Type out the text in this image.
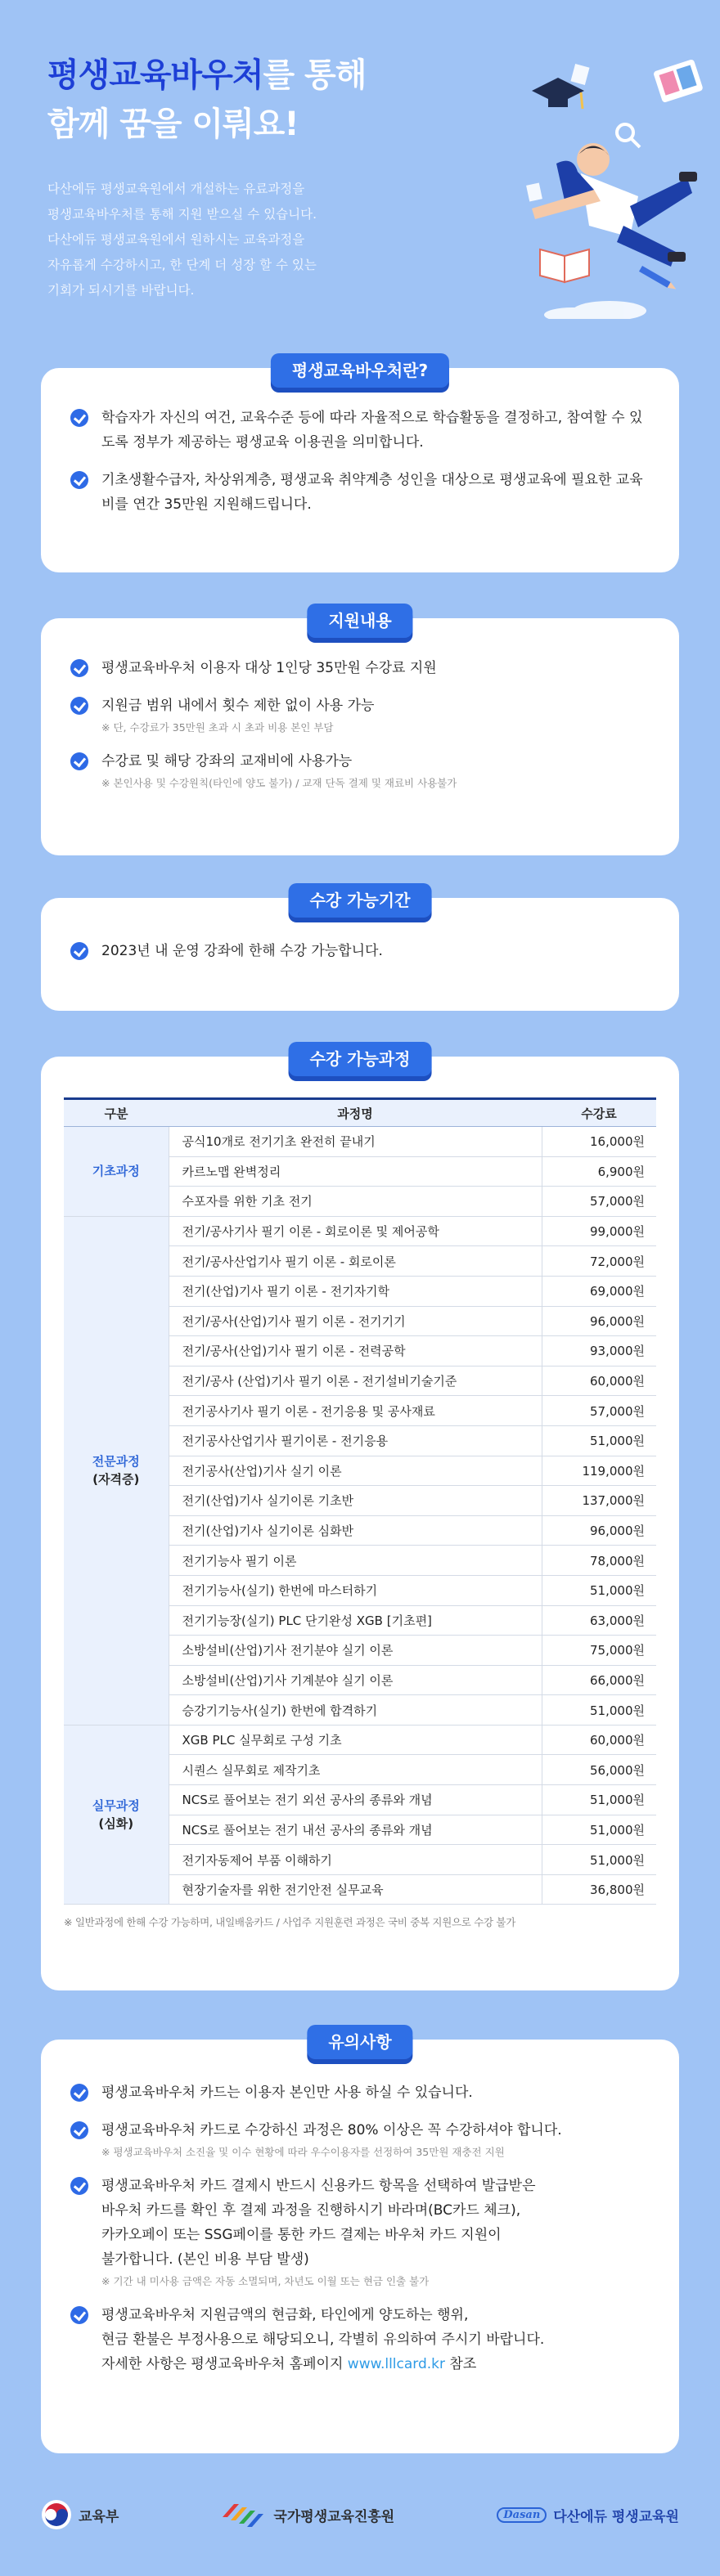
평생교육바우처를 통해
함께 꿈을 이뤄요!
다산에듀 평생교육원에서 개설하는 유료과정을
평생교육바우처를 통해 지원 받으실 수 있습니다.
다산에듀 평생교육원에서 원하시는 교육과정을
자유롭게 수강하시고, 한 단계 더 성장 할 수 있는
기회가 되시기를 바랍니다.
평생교육바우처란?
학습자가 자신의 여건, 교육수준 등에 따라 자율적으로 학습활동을 결정하고, 참여할 수 있도록 정부가 제공하는 평생교육 이용권을 의미합니다.
기초생활수급자, 차상위계층, 평생교육 취약계층 성인을 대상으로 평생교육에 필요한 교육비를 연간 35만원 지원해드립니다.
지원내용
평생교육바우처 이용자 대상 1인당 35만원 수강료 지원
지원금 범위 내에서 횟수 제한 없이 사용 가능
※ 단, 수강료가 35만원 초과 시 초과 비용 본인 부담
수강료 및 해당 강좌의 교재비에 사용가능
※ 본인사용 및 수강원칙(타인에 양도 불가) / 교재 단독 결제 및 재료비 사용불가
수강 가능기간
2023년 내 운영 강좌에 한해 수강 가능합니다.
수강 가능과정
구분	과정명	수강료

기초과정	공식10개로 전기기초 완전히 끝내기	16,000원
	카르노맵 완벽정리	6,900원
	수포자를 위한 기초 전기	57,000원

전문과정
(자격증)	전기/공사기사 필기 이론 - 회로이론 및 제어공학	99,000원
	전기/공사산업기사 필기 이론 - 회로이론	72,000원
	전기(산업)기사 필기 이론 - 전기자기학	69,000원
	전기/공사(산업)기사 필기 이론 - 전기기기	96,000원
	전기/공사(산업)기사 필기 이론 - 전력공학	93,000원
	전기/공사 (산업)기사 필기 이론 - 전기설비기술기준	60,000원
	전기공사기사 필기 이론 - 전기응용 및 공사재료	57,000원
	전기공사산업기사 필기이론 - 전기응용	51,000원
	전기공사(산업)기사 실기 이론	119,000원
	전기(산업)기사 실기이론 기초반	137,000원
	전기(산업)기사 실기이론 심화반	96,000원
	전기기능사 필기 이론	78,000원
	전기기능사(실기) 한번에 마스터하기	51,000원
	전기기능장(실기) PLC 단기완성 XGB [기초편]	63,000원
	소방설비(산업)기사 전기분야 실기 이론	75,000원
	소방설비(산업)기사 기계분야 실기 이론	66,000원
	승강기기능사(실기) 한번에 합격하기	51,000원

실무과정
(심화)	XGB PLC 실무회로 구성 기초	60,000원
	시퀀스 실무회로 제작기초	56,000원
	NCS로 풀어보는 전기 외선 공사의 종류와 개념	51,000원
	NCS로 풀어보는 전기 내선 공사의 종류와 개념	51,000원
	전기자동제어 부품 이해하기	51,000원
	현장기술자를 위한 전기안전 실무교육	36,800원
※ 일반과정에 한해 수강 가능하며, 내일배움카드 / 사업주 지원훈련 과정은 국비 중복 지원으로 수강 불가
유의사항
평생교육바우처 카드는 이용자 본인만 사용 하실 수 있습니다.
평생교육바우처 카드로 수강하신 과정은 80% 이상은 꼭 수강하셔야 합니다.
※ 평생교육바우처 소진율 및 이수 현황에 따라 우수이용자를 선정하여 35만원 재충전 지원
평생교육바우처 카드 결제시 반드시 신용카드 항목을 선택하여 발급받은
바우처 카드를 확인 후 결제 과정을 진행하시기 바라며(BC카드 체크),
카카오페이 또는 SSG페이를 통한 카드 결제는 바우처 카드 지원이
불가합니다. (본인 비용 부담 발생)
※ 기간 내 미사용 금액은 자동 소멸되며, 차년도 이월 또는 현금 인출 불가
평생교육바우처 지원금액의 현금화, 타인에게 양도하는 행위,
현금 환불은 부정사용으로 해당되오니, 각별히 유의하여 주시기 바랍니다.
자세한 사항은 평생교육바우처 홈페이지 www.lllcard.kr 참조
교육부	국가평생교육진흥원	Dasan 다산에듀 평생교육원
